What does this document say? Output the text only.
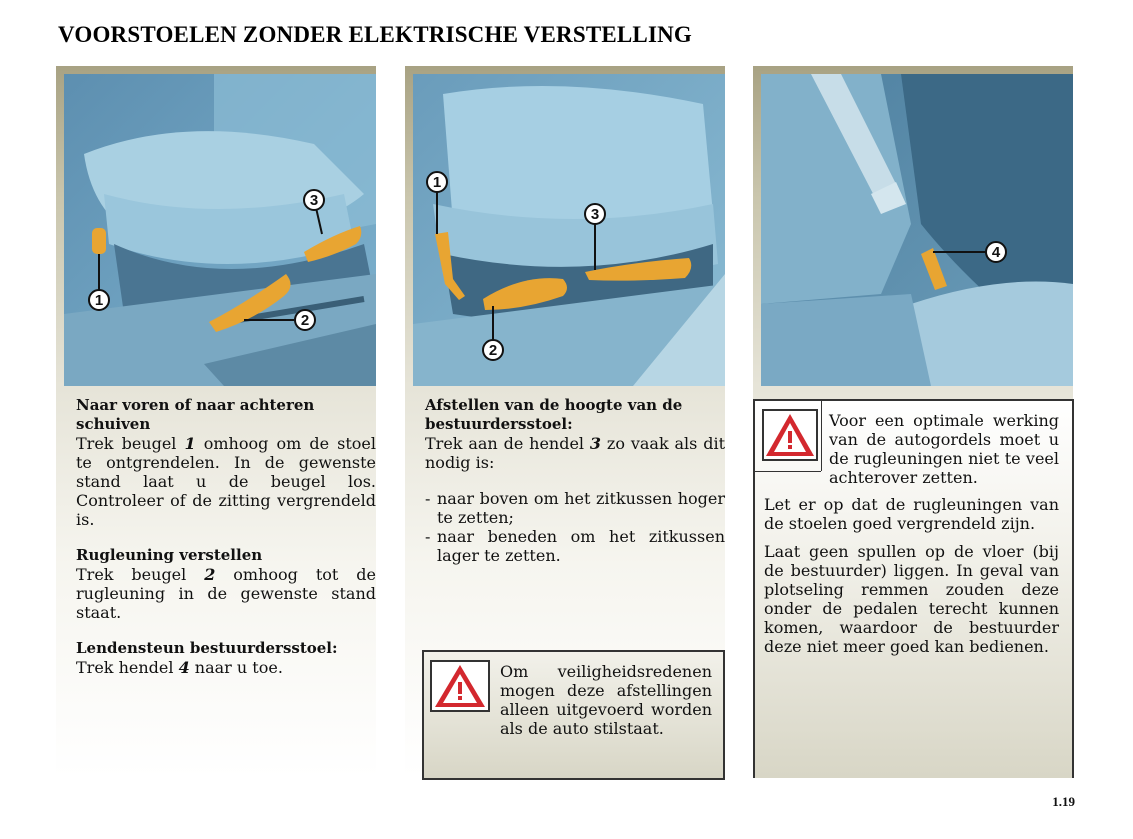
VOORSTOELEN ZONDER ELEKTRISCHE VERSTELLING
1
3
2

Naar voren of naar achteren schuiven
Trek beugel 1 omhoog om de stoel te ontgrendelen. In de gewenste stand laat u de beugel los. Controleer of de zitting vergrendeld is.

Rugleuning verstellen
Trek beugel 2 omhoog tot de rugleuning in de gewenste stand staat.

Lendensteun bestuurdersstoel:
Trek hendel 4 naar u toe.

1
3
2

Afstellen van de hoogte van de bestuurdersstoel:
Trek aan de hendel 3 zo vaak als dit nodig is:

- naar boven om het zitkussen hoger te zetten;
- naar beneden om het zitkussen lager te zetten.
Om veiligheidsredenen mogen deze afstellingen alleen uitgevoerd worden als de auto stilstaat.
4
Voor een optimale werking van de autogordels moet u de rugleuningen niet te veel achterover zetten.
Let er op dat de rugleuningen van de stoelen goed vergrendeld zijn.
Laat geen spullen op de vloer (bij de bestuurder) liggen. In geval van plotseling remmen zouden deze onder de pedalen terecht kunnen komen, waardoor de bestuurder deze niet meer goed kan bedienen.
1.19
